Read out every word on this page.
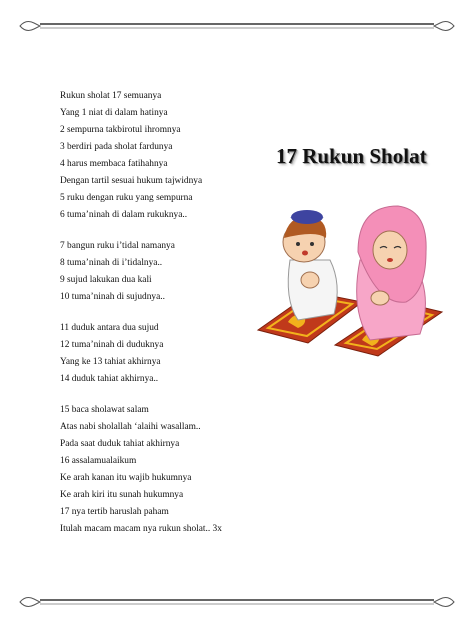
Rukun sholat 17 semuanya
Yang 1 niat di dalam hatinya
2 sempurna takbirotul ihromnya
3 berdiri pada sholat fardunya
4 harus membaca fatihahnya
Dengan tartil sesuai hukum tajwidnya
5 ruku dengan ruku yang sempurna
6 tuma’ninah di dalam rukuknya..
7 bangun ruku i’tidal namanya
8 tuma’ninah di i’tidalnya..
9 sujud lakukan dua kali
10 tuma’ninah di sujudnya..
11 duduk antara dua sujud
12 tuma’ninah di duduknya
Yang ke 13 tahiat akhirnya
14 duduk tahiat akhirnya..
15 baca sholawat salam
Atas nabi sholallah ‘alaihi wasallam..
Pada saat duduk tahiat akhirnya
16 assalamualaikum
Ke arah kanan itu wajib hukumnya
Ke arah kiri itu sunah hukumnya
17 nya tertib haruslah paham
Itulah macam macam nya rukun sholat.. 3x
17 Rukun Sholat
